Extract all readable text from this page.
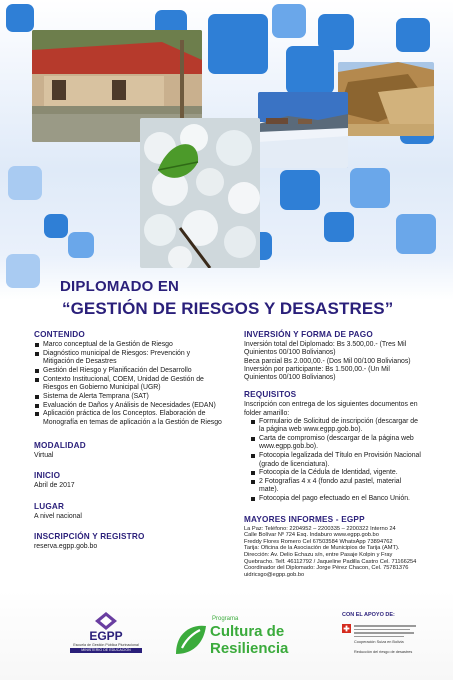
DIPLOMADO EN
“GESTIÓN DE RIESGOS Y DESASTRES”
CONTENIDO
Marco conceptual de la Gestión de Riesgo
Diagnóstico municipal de Riesgos: Prevención y Mitigación de Desastres
Gestión del Riesgo y Planificación del Desarrollo
Contexto Institucional, COEM, Unidad de Gestión de Riesgos en Gobierno Municipal (UGR)
Sistema de Alerta Temprana (SAT)
Evaluación de Daños y Análisis de Necesidades (EDAN)
Aplicación práctica de los Conceptos. Elaboración de Monografía en temas de aplicación a la Gestión de Riesgo
MODALIDAD
Virtual
INICIO
Abril de 2017
LUGAR
A nivel nacional
INSCRIPCIÓN Y REGISTRO
reserva.egpp.gob.bo
INVERSIÓN Y FORMA DE PAGO
Inversión total del Diplomado: Bs 3.500,00.- (Tres Mil Quinientos 00/100 Bolivianos)
Beca parcial Bs 2.000,00.- (Dos Mil 00/100 Bolivianos)
Inversión por participante: Bs 1.500,00.- (Un Mil Quinientos 00/100 Bolivianos)
REQUISITOS
Inscripción con entrega de los siguientes documentos en folder amarillo:
Formulario de Solicitud de inscripción (descargar de la página web www.egpp.gob.bo).
Carta de compromiso (descargar de la página web www.egpp.gob.bo).
Fotocopia legalizada del Título en Provisión Nacional (grado de licenciatura).
Fotocopia de la Cédula de Identidad, vigente.
2 Fotografías 4 x 4 (fondo azul pastel, material mate).
Fotocopia del pago efectuado en el Banco Unión.
MAYORES INFORMES - EGPP
La Paz: Teléfono: 2204952 – 2200335 – 2200322 Interno 24
Calle Bolívar Nº 724 Esq. Indaburo www.egpp.gob.bo
Freddy Flores Romero Cel 67503584 WhatsApp 73894762
Tarija: Oficina de la Asociación de Municipios de Tarija (AMT).
Dirección: Av. Delio Echazu s/n, entre Pasaje Kolpin y Fray Quebracho. Telf. 46112792 / Jaqueline Padilla Castro Cel. 71166254
Coordinador del Diplomado: Jorge Pérez Chacon, Cel. 75781376
uidricsgo@egpp.gob.bo
EGPP
Escuela de Gestión Pública Plurinacional
MINISTERIO DE EDUCACIÓN
Programa
Cultura de
Resiliencia
CON EL APOYO DE:
Cooperación Suiza en Bolivia
Reducción del riesgo de desastres
